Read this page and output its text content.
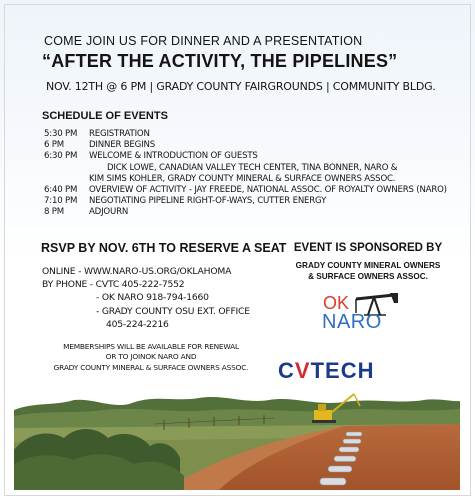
COME JOIN US FOR DINNER AND A PRESENTATION
“AFTER THE ACTIVITY, THE PIPELINES”
NOV. 12TH @ 6 PM | GRADY COUNTY FAIRGROUNDS | COMMUNITY BLDG.
SCHEDULE OF EVENTS
5:30 PM	REGISTRATION
6 PM	DINNER BEGINS
6:30 PM	WELCOME & INTRODUCTION OF GUESTS
DICK LOWE, CANADIAN VALLEY TECH CENTER, TINA BONNER, NARO &
KIM SIMS KOHLER, GRADY COUNTY MINERAL & SURFACE OWNERS ASSOC.
6:40 PM	OVERVIEW OF ACTIVITY - JAY FREEDE, NATIONAL ASSOC. OF ROYALTY OWNERS (NARO)
7:10 PM	NEGOTIATING PIPELINE RIGHT-OF-WAYS, CUTTER ENERGY
8 PM	ADJOURN
RSVP BY NOV. 6TH TO RESERVE A SEAT
ONLINE - WWW.NARO-US.ORG/OKLAHOMA
BY PHONE - CVTC 405-222-7552
- OK NARO 918-794-1660
- GRADY COUNTY OSU EXT. OFFICE
405-224-2216
MEMBERSHIPS WILL BE AVAILABLE FOR RENEWAL
OR TO JOINOK NARO AND
GRADY COUNTY MINERAL & SURFACE OWNERS ASSOC.
EVENT IS SPONSORED BY
GRADY COUNTY MINERAL OWNERS
& SURFACE OWNERS ASSOC.
OK
NARO
CVTECH
